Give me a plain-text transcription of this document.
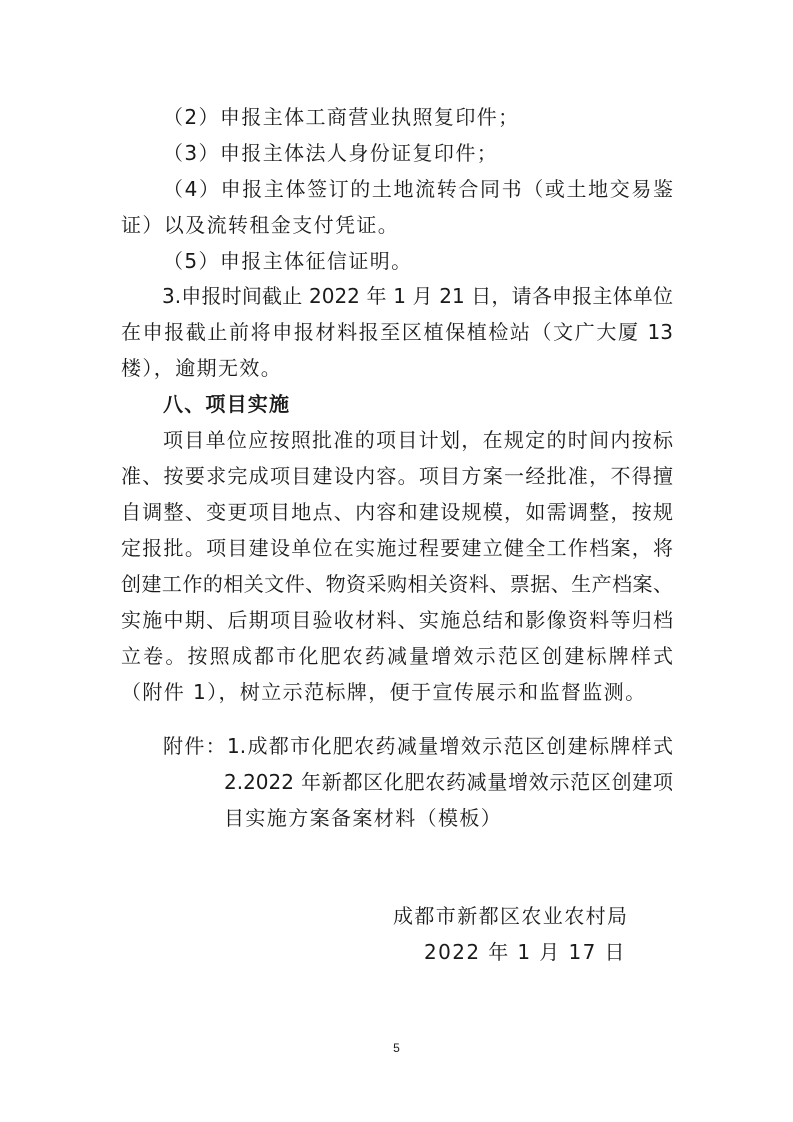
（2）申报主体工商营业执照复印件；
（3）申报主体法人身份证复印件；
（4）申报主体签订的土地流转合同书（或土地交易鉴
证）以及流转租金支付凭证。
（5）申报主体征信证明。
3.申报时间截止 2022 年 1 月 21 日，请各申报主体单位
在申报截止前将申报材料报至区植保植检站（文广大厦 13
楼），逾期无效。
八、项目实施
项目单位应按照批准的项目计划，在规定的时间内按标
准、按要求完成项目建设内容。项目方案一经批准，不得擅
自调整、变更项目地点、内容和建设规模，如需调整，按规
定报批。项目建设单位在实施过程要建立健全工作档案，将
创建工作的相关文件、物资采购相关资料、票据、生产档案、
实施中期、后期项目验收材料、实施总结和影像资料等归档
立卷。按照成都市化肥农药减量增效示范区创建标牌样式
（附件 1），树立示范标牌，便于宣传展示和监督监测。
附件：1.成都市化肥农药减量增效示范区创建标牌样式
2.2022 年新都区化肥农药减量增效示范区创建项
目实施方案备案材料（模板）
成都市新都区农业农村局
2022 年 1 月 17 日
5
